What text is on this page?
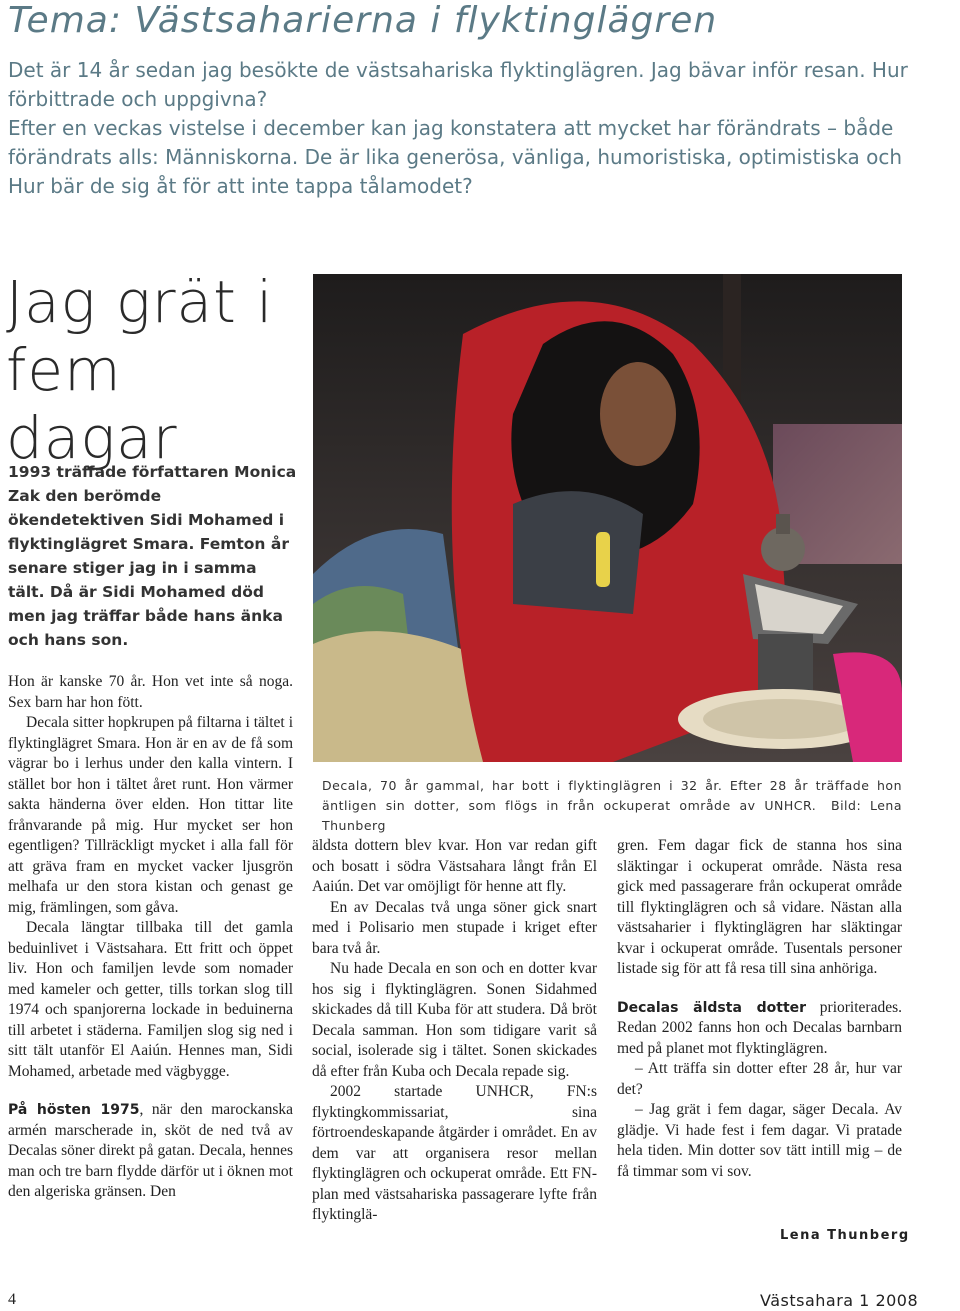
Tema: Västsaharierna i flyktinglägren
Det är 14 år sedan jag besökte de västsahariska flyktinglägren. Jag bävar inför resan. Hur
förbittrade och uppgivna?
Efter en veckas vistelse i december kan jag konstatera att mycket har förändrats – både
förändrats alls: Människorna. De är lika generösa, vänliga, humoristiska, optimistiska och
Hur bär de sig åt för att inte tappa tålamodet?
Jag grät i
fem dagar
1993 träffade författaren Monica Zak den berömde ökendetektiven Sidi Mohamed i flyktinglägret Smara. Femton år senare stiger jag in i samma tält. Då är Sidi Mohamed död men jag träffar både hans änka och hans son.
Decala, 70 år gammal, har bott i flyktinglägren i 32 år. Efter 28 år träffade hon äntligen sin dotter, som flögs in från ockuperat område av UNHCR. Bild: Lena Thunberg

Hon är kanske 70 år. Hon vet inte så noga. Sex barn har hon fött.

Decala sitter hopkrupen på filtarna i tältet i flyktinglägret Smara. Hon är en av de få som vägrar bo i lerhus under den kalla vintern. I stället bor hon i tältet året runt. Hon värmer sakta händerna över elden. Hon tittar lite frånvarande på mig. Hur mycket ser hon egentligen? Tillräckligt mycket i alla fall för att gräva fram en mycket vacker ljusgrön melhafa ur den stora kistan och genast ge mig, främlingen, som gåva.

Decala längtar tillbaka till det gamla beduinlivet i Västsahara. Ett fritt och öppet liv. Hon och familjen levde som nomader med kameler och getter, tills torkan slog till 1974 och spanjorerna lockade in beduinerna till arbetet i städerna. Familjen slog sig ned i sitt tält utanför El Aaiún. Hennes man, Sidi Mohamed, arbetade med vägbygge.

På hösten 1975, när den marockanska armén marscherade in, sköt de ned två av Decalas söner direkt på gatan. Decala, hennes man och tre barn flydde därför ut i öknen mot den algeriska gränsen. Den

äldsta dottern blev kvar. Hon var redan gift och bosatt i södra Västsahara långt från El Aaiún. Det var omöjligt för henne att fly.

En av Decalas två unga söner gick snart med i Polisario men stupade i kriget efter bara två år.

Nu hade Decala en son och en dotter kvar hos sig i flyktinglägren. Sonen Sidahmed skickades då till Kuba för att studera. Då bröt Decala samman. Hon som tidigare varit så social, isolerade sig i tältet. Sonen skickades då efter från Kuba och Decala repade sig.

2002 startade UNHCR, FN:s flyktingkommissariat, sina förtroendeskapande åtgärder i området. En av dem var att organisera resor mellan flyktinglägren och ockuperat område. Ett FN-plan med västsahariska passagerare lyfte från flyktinglä-

gren. Fem dagar fick de stanna hos sina släktingar i ockuperat område. Nästa resa gick med passagerare från ockuperat område till flyktinglägren och så vidare. Nästan alla västsaharier i flyktinglägren har släktingar kvar i ockuperat område. Tusentals personer listade sig för att få resa till sina anhöriga.

Decalas äldsta dotter prioriterades. Redan 2002 fanns hon och Decalas barnbarn med på planet mot flyktinglägren.

– Att träffa sin dotter efter 28 år, hur var det?

– Jag grät i fem dagar, säger Decala. Av glädje. Vi hade fest i fem dagar. Vi pratade hela tiden. Min dotter sov tätt intill mig – de få timmar som vi sov.

Lena Thunberg
4	Västsahara 1 2008
